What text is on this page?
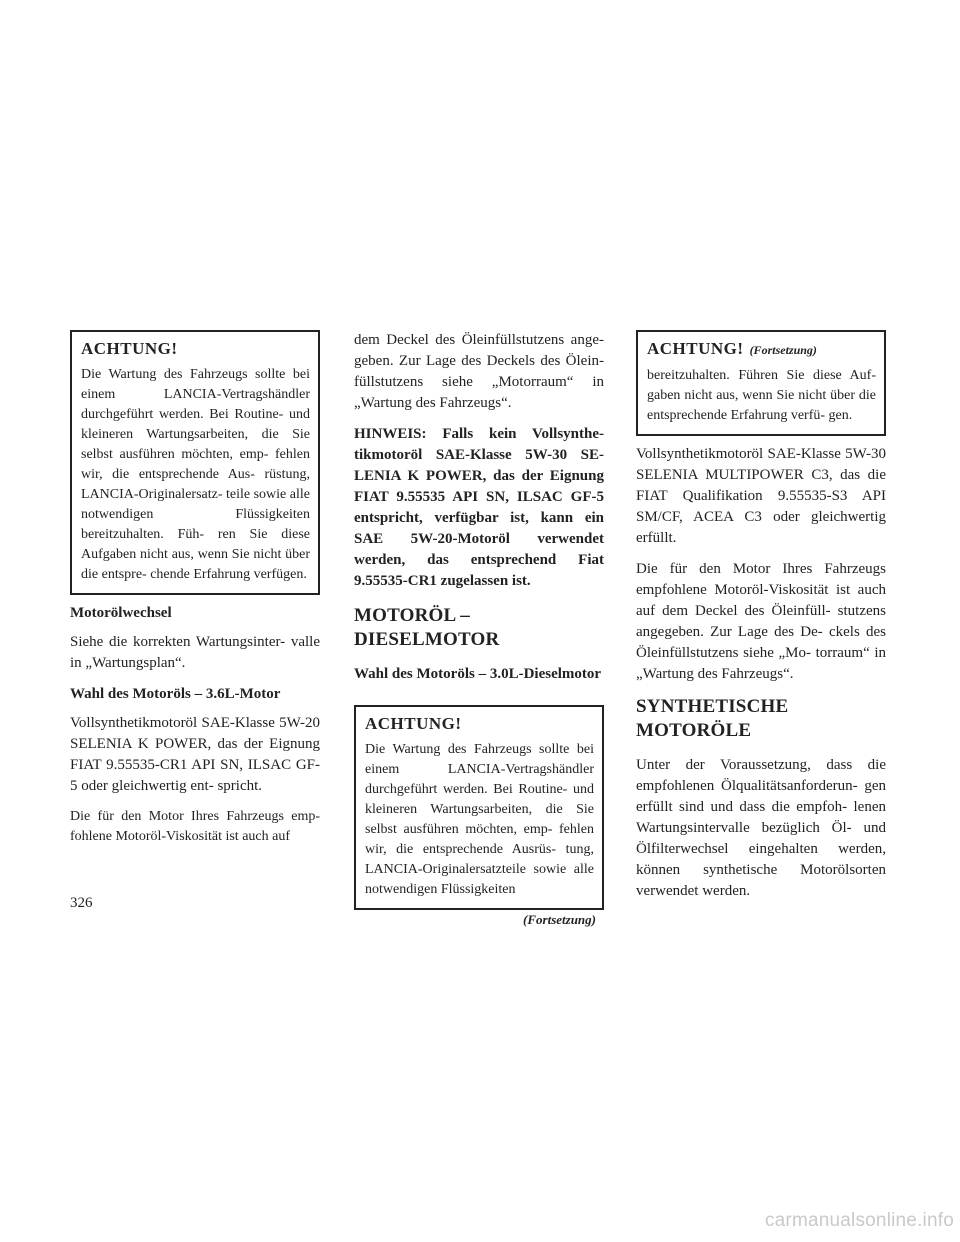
ACHTUNG!

Die Wartung des Fahrzeugs sollte bei einem LANCIA-Vertragshändler durchgeführt werden. Bei Routine- und kleineren Wartungsarbeiten, die Sie selbst ausführen möchten, emp- fehlen wir, die entsprechende Aus- rüstung, LANCIA-Originalersatz- teile sowie alle notwendigen Flüssigkeiten bereitzuhalten. Füh- ren Sie diese Aufgaben nicht aus, wenn Sie nicht über die entspre- chende Erfahrung verfügen.

Motorölwechsel

Siehe die korrekten Wartungsinter- valle in „Wartungsplan“.

Wahl des Motoröls – 3.6L-Motor

Vollsynthetikmotoröl SAE-Klasse 5W-20 SELENIA K POWER, das der Eignung FIAT 9.55535-CR1 API SN, ILSAC GF-5 oder gleichwertig ent- spricht.

Die für den Motor Ihres Fahrzeugs emp- fohlene Motoröl-Viskosität ist auch auf

dem Deckel des Öleinfüllstutzens ange- geben. Zur Lage des Deckels des Ölein- füllstutzens siehe „Motorraum“ in „Wartung des Fahrzeugs“.

HINWEIS: Falls kein Vollsynthe- tikmotoröl SAE-Klasse 5W-30 SE- LENIA K POWER, das der Eignung FIAT 9.55535 API SN, ILSAC GF-5 entspricht, verfügbar ist, kann ein SAE 5W-20-Motoröl verwendet werden, das entsprechend Fiat 9.55535-CR1 zugelassen ist.

MOTORÖL – DIESELMOTOR

Wahl des Motoröls – 3.0L-Dieselmotor

ACHTUNG!

Die Wartung des Fahrzeugs sollte bei einem LANCIA-Vertragshändler durchgeführt werden. Bei Routine- und kleineren Wartungsarbeiten, die Sie selbst ausführen möchten, emp- fehlen wir, die entsprechende Ausrüs- tung, LANCIA-Originalersatzteile sowie alle notwendigen Flüssigkeiten

(Fortsetzung)

ACHTUNG! (Fortsetzung)

bereitzuhalten. Führen Sie diese Auf- gaben nicht aus, wenn Sie nicht über die entsprechende Erfahrung verfü- gen.

Vollsynthetikmotoröl SAE-Klasse 5W-30 SELENIA MULTIPOWER C3, das die FIAT Qualifikation 9.55535-S3 API SM/CF, ACEA C3 oder gleichwertig erfüllt.

Die für den Motor Ihres Fahrzeugs empfohlene Motoröl-Viskosität ist auch auf dem Deckel des Öleinfüll- stutzens angegeben. Zur Lage des De- ckels des Öleinfüllstutzens siehe „Mo- torraum“ in „Wartung des Fahrzeugs“.

SYNTHETISCHE MOTORÖLE

Unter der Voraussetzung, dass die empfohlenen Ölqualitätsanforderun- gen erfüllt sind und dass die empfoh- lenen Wartungsintervalle bezüglich Öl- und Ölfilterwechsel eingehalten werden, können synthetische Motorölsorten verwendet werden.

326
carmanualsonline.info
